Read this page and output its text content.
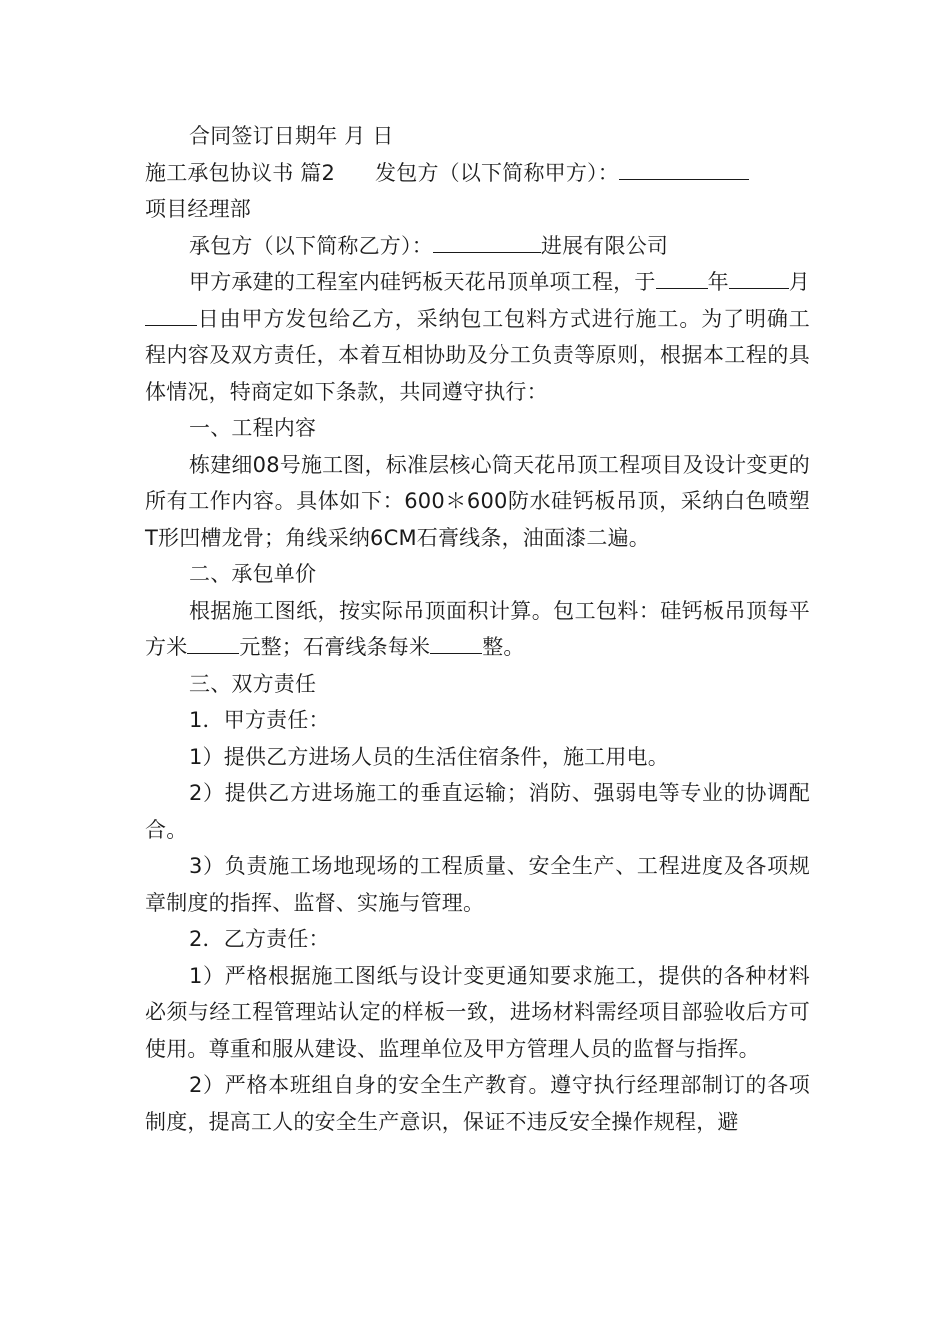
合同签订日期年 月 日

施工承包协议书 篇2 发包方（以下简称甲方）：

项目经理部

承包方（以下简称乙方）：	进展有限公司

甲方承建的工程室内硅钙板天花吊顶单项工程，于 年	月日由甲方发包给乙方，采纳包工包料方式进行施工。为了明确工程内容及双方责任，本着互相协助及分工负责等原则，根据本工程的具体情况，特商定如下条款，共同遵守执行：

一、工程内容

栋建细08号施工图，标准层核心筒天花吊顶工程项目及设计变更的所有工作内容。具体如下：600＊600防水硅钙板吊顶，采纳白色喷塑T形凹槽龙骨；角线采纳6CM石膏线条，油面漆二遍。

二、承包单价

根据施工图纸，按实际吊顶面积计算。包工包料：硅钙板吊顶每平方米 元整；石膏线条每米 整。

三、双方责任

1．甲方责任：

1）提供乙方进场人员的生活住宿条件，施工用电。

2）提供乙方进场施工的垂直运输；消防、强弱电等专业的协调配合。

3）负责施工场地现场的工程质量、安全生产、工程进度及各项规章制度的指挥、监督、实施与管理。

2．乙方责任：

1）严格根据施工图纸与设计变更通知要求施工，提供的各种材料必须与经工程管理站认定的样板一致，进场材料需经项目部验收后方可使用。尊重和服从建设、监理单位及甲方管理人员的监督与指挥。

2）严格本班组自身的安全生产教育。遵守执行经理部制订的各项制度，提高工人的安全生产意识，保证不违反安全操作规程，避
